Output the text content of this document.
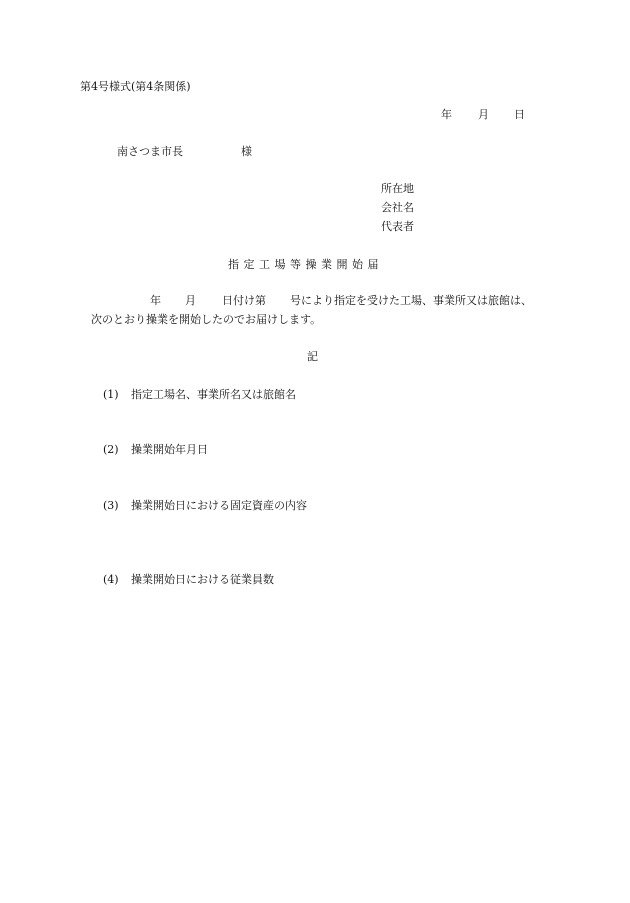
第4号様式(第4条関係)
年 月 日
南さつま市長	様
所在地
会社名
代表者
指定工場等操業開始届
年 月 日付け第 号により指定を受けた工場、事業所又は旅館は、
次のとおり操業を開始したのでお届けします。
記
(1) 指定工場名、事業所名又は旅館名
(2) 操業開始年月日
(3) 操業開始日における固定資産の内容
(4) 操業開始日における従業員数
